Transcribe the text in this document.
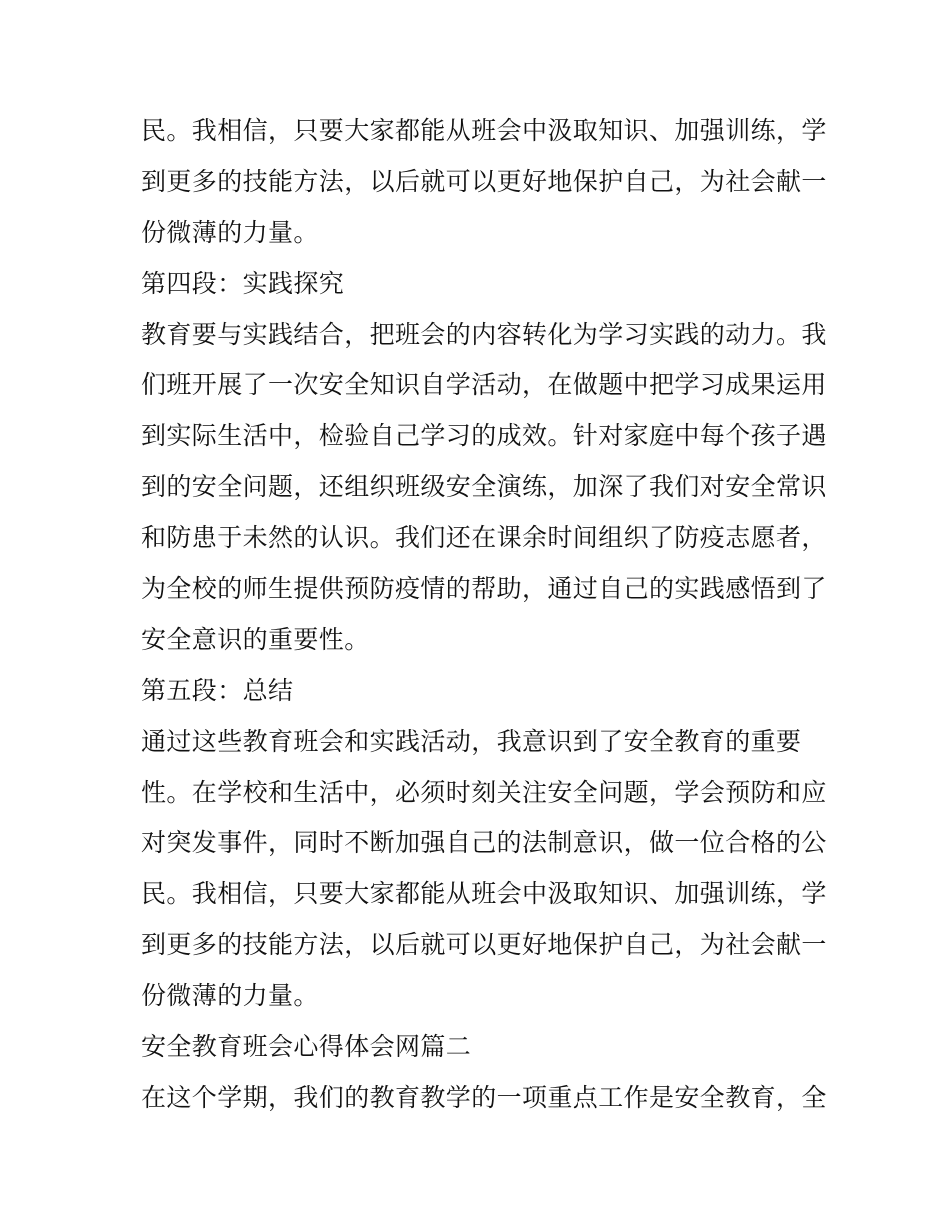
民。我相信，只要大家都能从班会中汲取知识、加强训练，学

到更多的技能方法，以后就可以更好地保护自己，为社会献一

份微薄的力量。

第四段：实践探究

教育要与实践结合，把班会的内容转化为学习实践的动力。我

们班开展了一次安全知识自学活动，在做题中把学习成果运用

到实际生活中，检验自己学习的成效。针对家庭中每个孩子遇

到的安全问题，还组织班级安全演练，加深了我们对安全常识

和防患于未然的认识。我们还在课余时间组织了防疫志愿者，

为全校的师生提供预防疫情的帮助，通过自己的实践感悟到了

安全意识的重要性。

第五段：总结

通过这些教育班会和实践活动，我意识到了安全教育的重要

性。在学校和生活中，必须时刻关注安全问题，学会预防和应

对突发事件，同时不断加强自己的法制意识，做一位合格的公

民。我相信，只要大家都能从班会中汲取知识、加强训练，学

到更多的技能方法，以后就可以更好地保护自己，为社会献一

份微薄的力量。

安全教育班会心得体会网篇二

在这个学期，我们的教育教学的一项重点工作是安全教育，全
